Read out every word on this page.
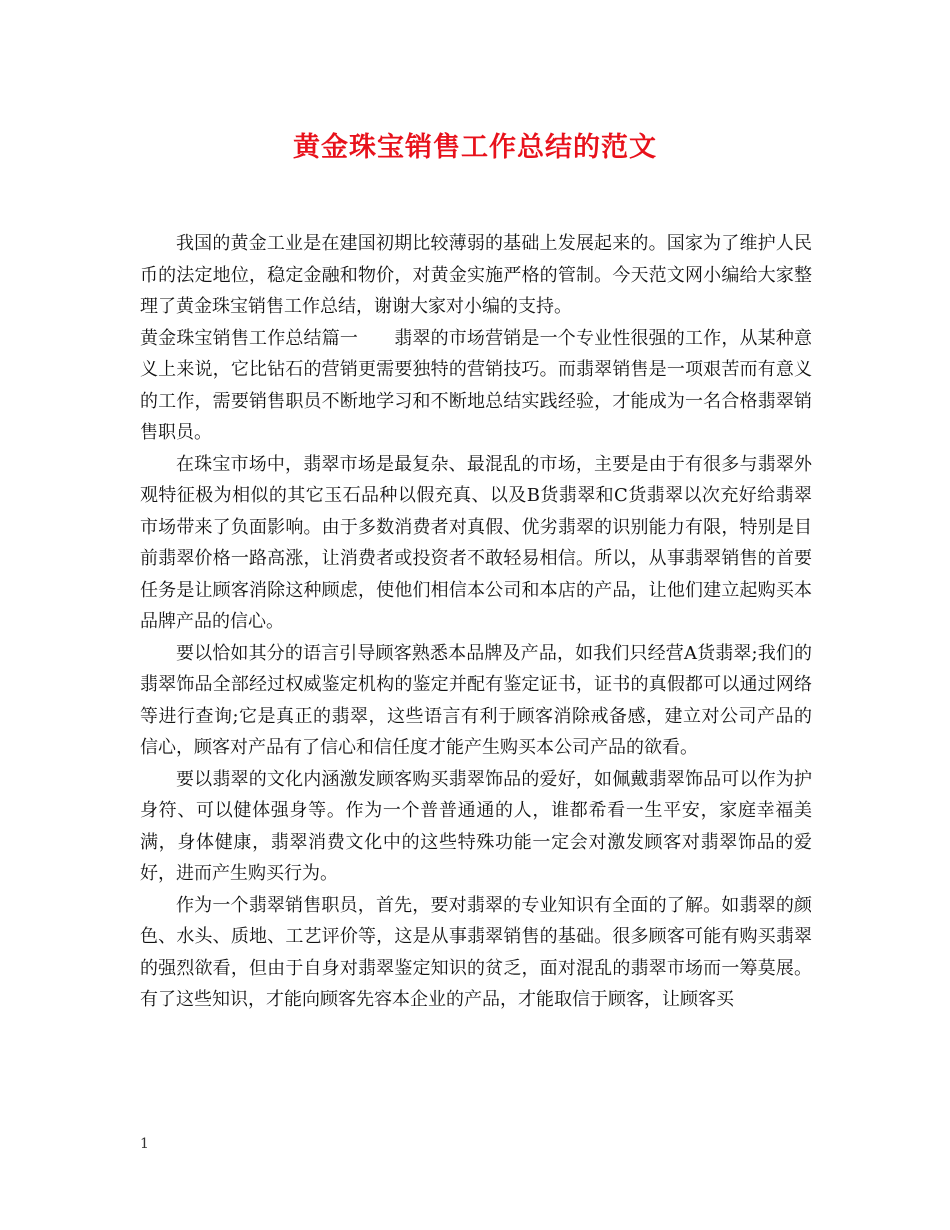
黄金珠宝销售工作总结的范文

我国的黄金工业是在建国初期比较薄弱的基础上发展起来的。国家为了维护人民币的法定地位，稳定金融和物价，对黄金实施严格的管制。今天范文网小编给大家整理了黄金珠宝销售工作总结，谢谢大家对小编的支持。

黄金珠宝销售工作总结篇一 翡翠的市场营销是一个专业性很强的工作，从某种意义上来说，它比钻石的营销更需要独特的营销技巧。而翡翠销售是一项艰苦而有意义的工作，需要销售职员不断地学习和不断地总结实践经验，才能成为一名合格翡翠销售职员。

在珠宝市场中，翡翠市场是最复杂、最混乱的市场，主要是由于有很多与翡翠外观特征极为相似的其它玉石品种以假充真、以及B货翡翠和C货翡翠以次充好给翡翠市场带来了负面影响。由于多数消费者对真假、优劣翡翠的识别能力有限，特别是目前翡翠价格一路高涨，让消费者或投资者不敢轻易相信。所以，从事翡翠销售的首要任务是让顾客消除这种顾虑，使他们相信本公司和本店的产品，让他们建立起购买本品牌产品的信心。

要以恰如其分的语言引导顾客熟悉本品牌及产品，如我们只经营A货翡翠;我们的翡翠饰品全部经过权威鉴定机构的鉴定并配有鉴定证书，证书的真假都可以通过网络等进行查询;它是真正的翡翠，这些语言有利于顾客消除戒备感，建立对公司产品的信心，顾客对产品有了信心和信任度才能产生购买本公司产品的欲看。

要以翡翠的文化内涵激发顾客购买翡翠饰品的爱好，如佩戴翡翠饰品可以作为护身符、可以健体强身等。作为一个普普通通的人，谁都希看一生平安，家庭幸福美满，身体健康，翡翠消费文化中的这些特殊功能一定会对激发顾客对翡翠饰品的爱好，进而产生购买行为。

作为一个翡翠销售职员，首先，要对翡翠的专业知识有全面的了解。如翡翠的颜色、水头、质地、工艺评价等，这是从事翡翠销售的基础。很多顾客可能有购买翡翠的强烈欲看，但由于自身对翡翠鉴定知识的贫乏，面对混乱的翡翠市场而一筹莫展。有了这些知识，才能向顾客先容本企业的产品，才能取信于顾客，让顾客买

1
